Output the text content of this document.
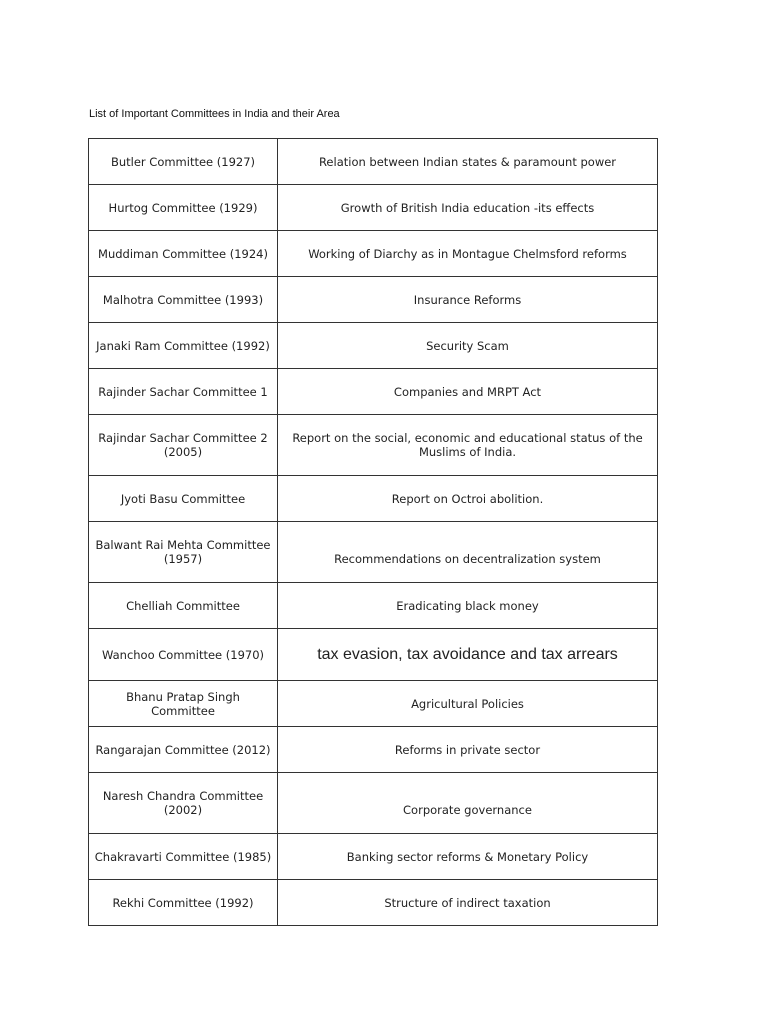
List of Important Committees in India and their Area
Butler Committee (1927)	Relation between Indian states & paramount power
Hurtog Committee (1929)	Growth of British India education -its effects
Muddiman Committee (1924)	Working of Diarchy as in Montague Chelmsford reforms
Malhotra Committee (1993)	Insurance Reforms
Janaki Ram Committee (1992)	Security Scam
Rajinder Sachar Committee 1	Companies and MRPT Act
Rajindar Sachar Committee 2 (2005)	Report on the social, economic and educational status of the Muslims of India.
Jyoti Basu Committee	Report on Octroi abolition.
Balwant Rai Mehta Committee (1957)	Recommendations on decentralization system
Chelliah Committee	Eradicating black money
Wanchoo Committee (1970)	tax evasion, tax avoidance and tax arrears
Bhanu Pratap Singh Committee	Agricultural Policies
Rangarajan Committee (2012)	Reforms in private sector
Naresh Chandra Committee (2002)	Corporate governance
Chakravarti Committee (1985)	Banking sector reforms & Monetary Policy
Rekhi Committee (1992)	Structure of indirect taxation
